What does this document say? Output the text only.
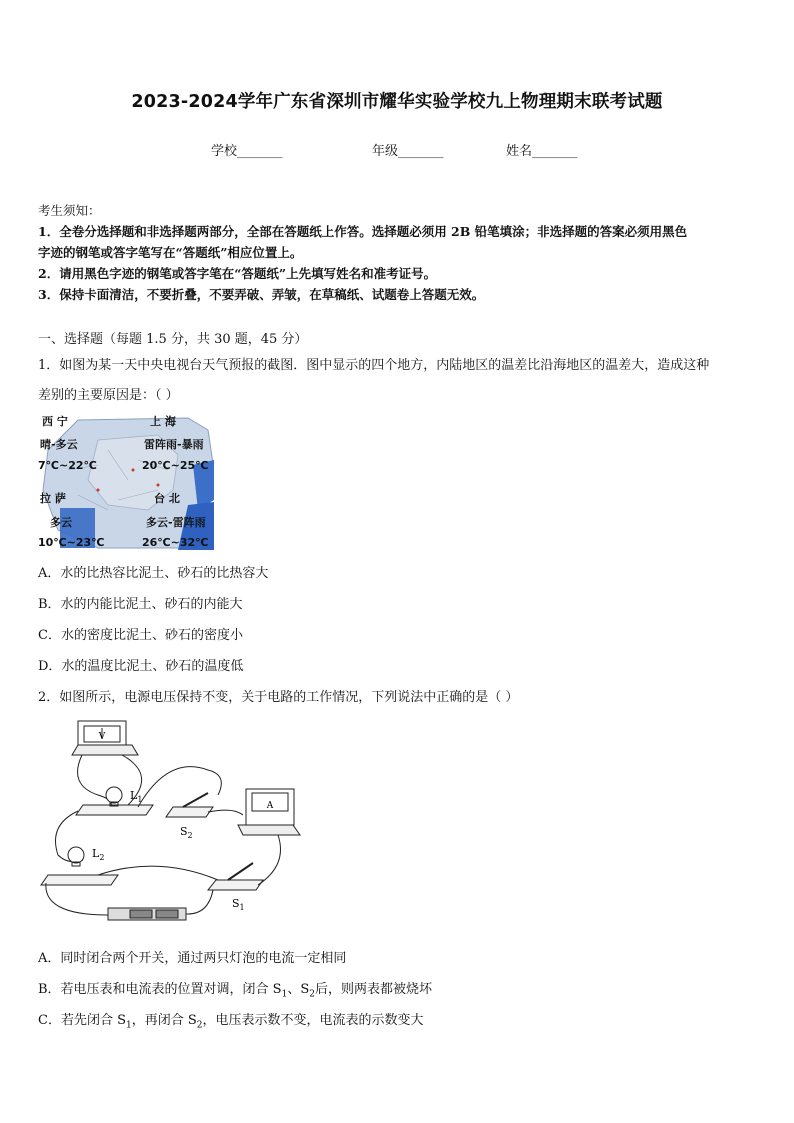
2023-2024学年广东省深圳市耀华实验学校九上物理期末联考试题
学校_______	年级_______	姓名_______
考生须知：
1．全卷分选择题和非选择题两部分，全部在答题纸上作答。选择题必须用 2B 铅笔填涂；非选择题的答案必须用黑色
字迹的钢笔或答字笔写在“答题纸”相应位置上。
2．请用黑色字迹的钢笔或答字笔在“答题纸”上先填写姓名和准考证号。
3．保持卡面清洁，不要折叠，不要弄破、弄皱，在草稿纸、试题卷上答题无效。
一、选择题（每题 1.5 分，共 30 题，45 分）
1．如图为某一天中央电视台天气预报的截图．图中显示的四个地方，内陆地区的温差比沿海地区的温差大，造成这种
差别的主要原因是：（ ）
西 宁
晴-多云
7℃~22℃
上 海
雷阵雨-暴雨
20℃~25℃
拉 萨
多云
10℃~23℃
台 北
多云-雷阵雨
26℃~32℃
A．水的比热容比泥土、砂石的比热容大
B．水的内能比泥土、砂石的内能大
C．水的密度比泥土、砂石的密度小
D．水的温度比泥土、砂石的温度低
2．如图所示，电源电压保持不变，关于电路的工作情况，下列说法中正确的是（ ）
V
A
$L_1$
$L_2$
$S_2$
$S_1$
A．同时闭合两个开关，通过两只灯泡的电流一定相同
B．若电压表和电流表的位置对调，闭合 $S_1$、$S_2$后，则两表都被烧坏
C．若先闭合 $S_1$，再闭合 $S_2$，电压表示数不变，电流表的示数变大
